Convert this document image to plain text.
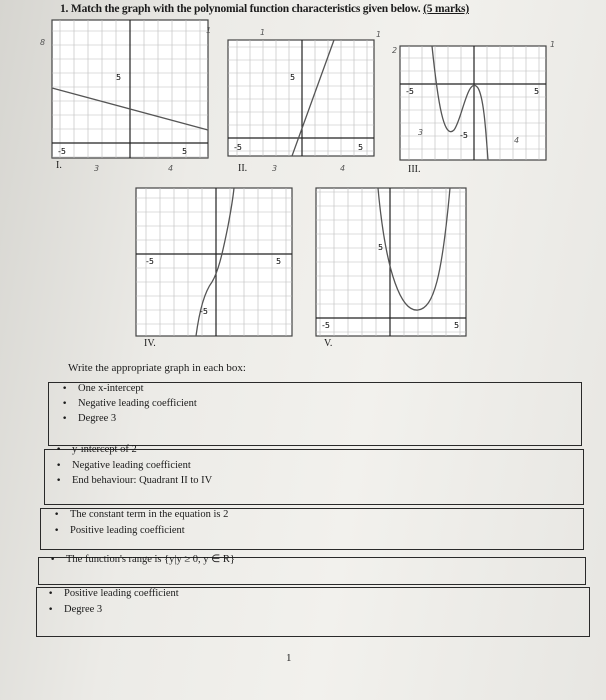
1. Match the graph with the polynomial function characteristics given below. (5 marks)
-5	5
5
I.
-5	5
5
II.
-5	5
-5
III.
-5	5
-5
IV.
-5	5
5
V.
8
3	4
1	1
3	4
1
2
1
3
4
Write the appropriate graph in each box:
• One x-intercept
• Negative leading coefficient
• Degree 3
• y-intercept of 2
• Negative leading coefficient
• End behaviour: Quadrant II to IV
• The constant term in the equation is 2
• Positive leading coefficient
• The function's range is {y|y ≥ 0, y ∈ R}
• Positive leading coefficient
• Degree 3
1
